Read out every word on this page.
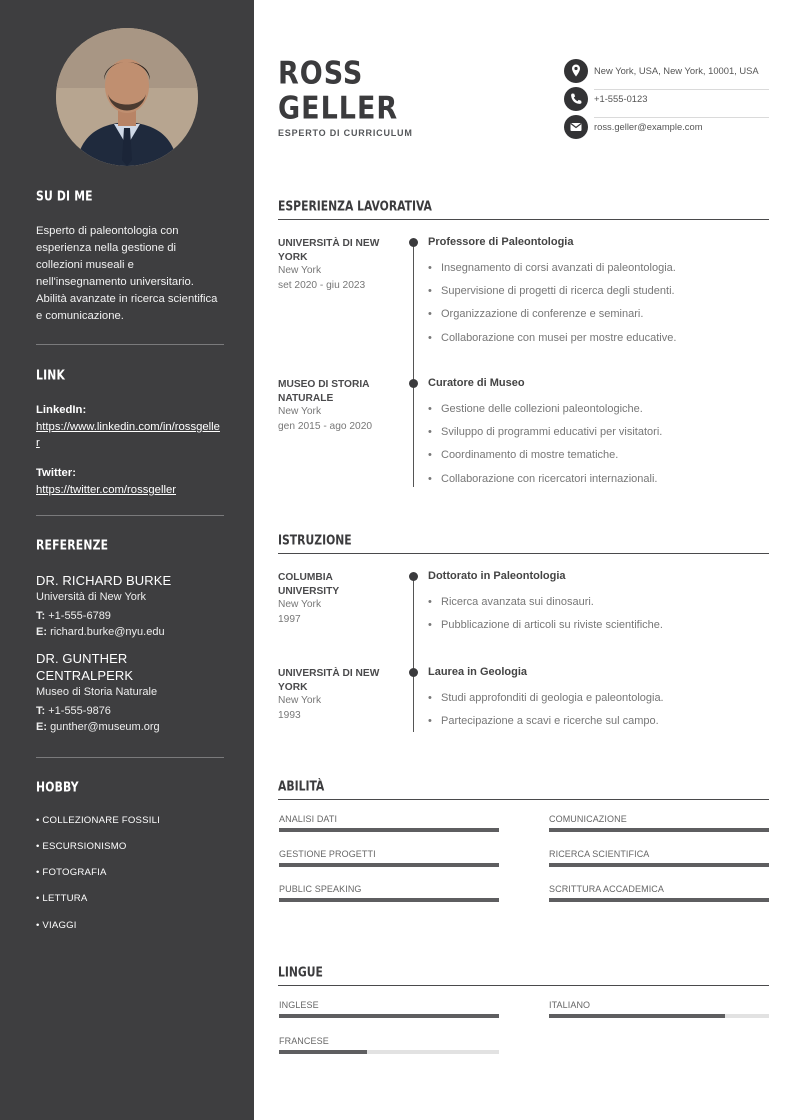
SU DI ME
Esperto di paleontologia con esperienza nella gestione di collezioni museali e nell'insegnamento universitario. Abilità avanzate in ricerca scientifica e comunicazione.
LINK
LinkedIn:
https://www.linkedin.com/in/rossgeller
Twitter:
https://twitter.com/rossgeller
REFERENZE
DR. RICHARD BURKE
Università di New York
T: +1-555-6789
E: richard.burke@nyu.edu
DR. GUNTHER CENTRALPERK
Museo di Storia Naturale
T: +1-555-9876
E: gunther@museum.org
HOBBY
• COLLEZIONARE FOSSILI
• ESCURSIONISMO
• FOTOGRAFIA
• LETTURA
• VIAGGI
ROSS
GELLER
ESPERTO DI CURRICULUM
New York, USA, New York, 10001, USA
+1-555-0123
ross.geller@example.com
ESPERIENZA LAVORATIVA
UNIVERSITÀ DI NEW YORK
New York
set 2020 - giu 2023
Professore di Paleontologia
• Insegnamento di corsi avanzati di paleontologia.
• Supervisione di progetti di ricerca degli studenti.
• Organizzazione di conferenze e seminari.
• Collaborazione con musei per mostre educative.
MUSEO DI STORIA NATURALE
New York
gen 2015 - ago 2020
Curatore di Museo
• Gestione delle collezioni paleontologiche.
• Sviluppo di programmi educativi per visitatori.
• Coordinamento di mostre tematiche.
• Collaborazione con ricercatori internazionali.
ISTRUZIONE
COLUMBIA UNIVERSITY
New York
1997
Dottorato in Paleontologia
• Ricerca avanzata sui dinosauri.
• Pubblicazione di articoli su riviste scientifiche.
UNIVERSITÀ DI NEW YORK
New York
1993
Laurea in Geologia
• Studi approfonditi di geologia e paleontologia.
• Partecipazione a scavi e ricerche sul campo.
ABILITÀ
ANALISI DATI	COMUNICAZIONE
GESTIONE PROGETTI	RICERCA SCIENTIFICA
PUBLIC SPEAKING	SCRITTURA ACCADEMICA
LINGUE
INGLESE	ITALIANO
FRANCESE
